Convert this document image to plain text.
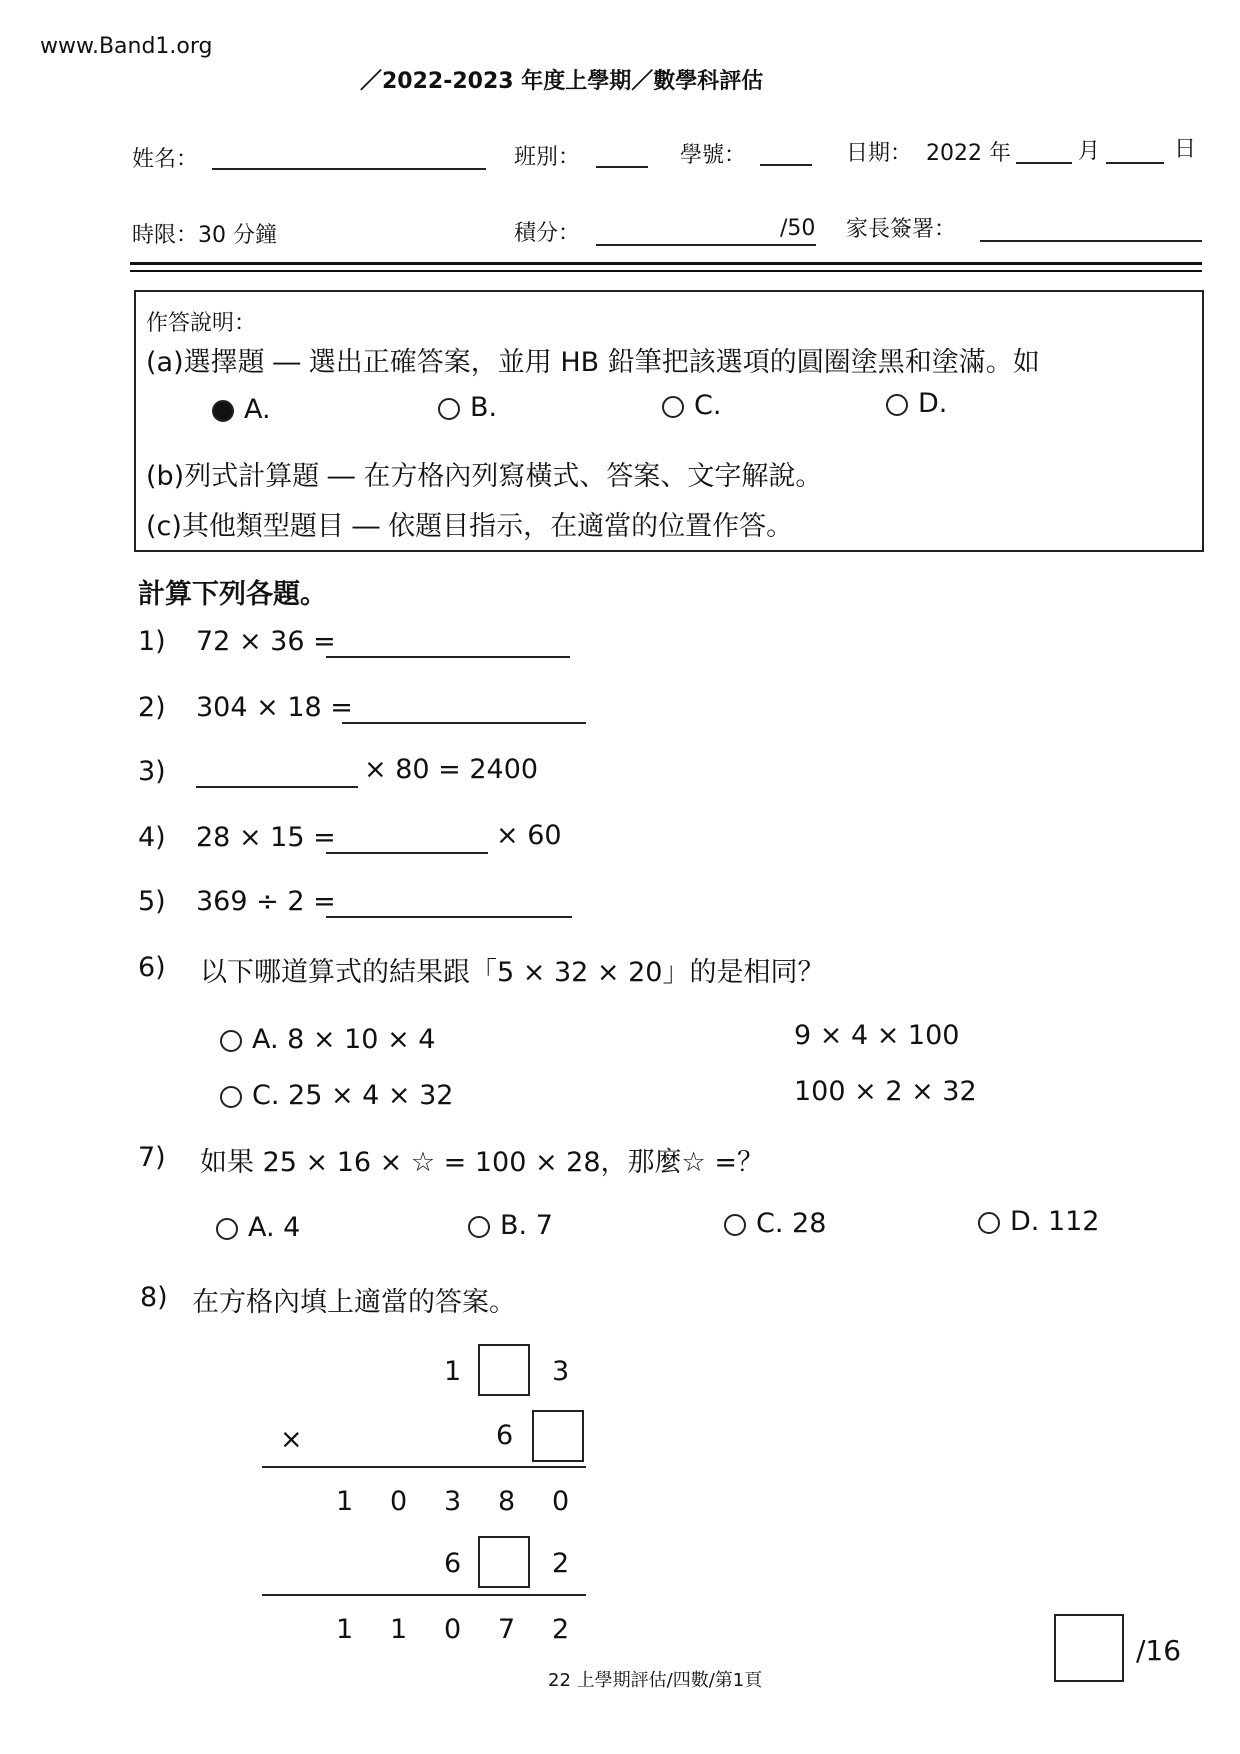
www.Band1.org
／2022-2023 年度上學期／數學科評估
姓名：	班別：	學號：	日期： 2022 年	月	日
時限：30 分鐘	積分：	/50 家長簽署：
作答說明：
(a)選擇題 ― 選出正確答案，並用 HB 鉛筆把該選項的圓圈塗黑和塗滿。如
A.	B.	C.	D.
(b)列式計算題 ― 在方格內列寫橫式、答案、文字解說。
(c)其他類型題目 ― 依題目指示，在適當的位置作答。
計算下列各題。
1) 72 × 36 =
2) 304 × 18 =
3)	× 80 = 2400
4) 28 × 15 =	× 60
5) 369 ÷ 2 =
6) 以下哪道算式的結果跟「5 × 32 × 20」的是相同？
A. 8 × 10 × 4	9 × 4 × 100
C. 25 × 4 × 32	100 × 2 × 32
7) 如果 25 × 16 × ☆ = 100 × 28，那麼☆ =？
A. 4	B. 7	C. 28	D. 112
8) 在方格內填上適當的答案。
1	3
×	6
1 0 3 8 0
6	2
1 1 0 7 2
/16
22 上學期評估/四數/第1頁
